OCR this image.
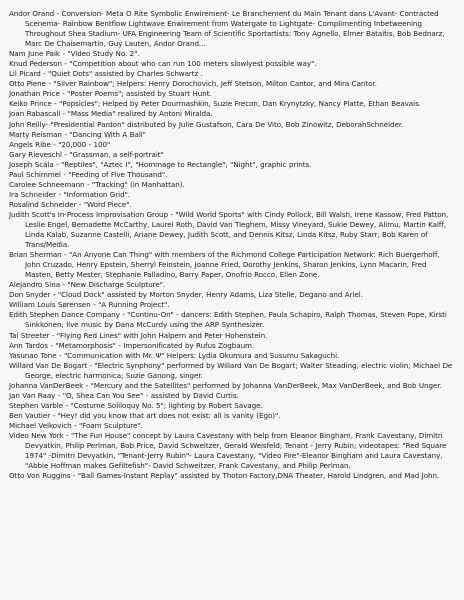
Andor Orand - Conversion- Meta O Rite Symbolic Enwirement- Le Branchement du Main Tenant dans L'Avant- Contracted Scenema- Rainbow Bentflow Lightwave Enwirement from Watergate to Lightgate- Complimenting Inbetweening Throughout Shea Stadium- UFA Engineering Team of Scientific Sportartists: Tony Agnello, Elmer Bataitis, Bob Bednarz, Marc De Chaisemartin, Guy Lauten, Andor Orand...

Nam June Paik - "Video Study No. 2".

Knud Pederson - "Competition about who can run 100 meters slowlyest possible way".

Lil Picard - "Quiet Dots" assisted by Charles Schwartz .

Otto Piene - "Silver Rainbow"; Helpers: Henry Dorochovich, Jeff Stetson, Milton Cantor, and Mira Cantor.

Jonathan Price - "Poster Poems"; assisted by Stuart Hunt.

Keiko Prince - "Popsicles"; Helped by Peter Dourmashkin, Suzie Frecon, Dan Krynytzky, Nancy Platte, Ethan Beavais.

Joan Rabascall - "Mass Media" realized by Antoni Miralda.

John Reilly- "Presidential Pardon" distributed by Julie Gustafson, Cara De Vito, Bob Zinowitz, DeborahSchneider.

Marty Reisman - "Dancing With A Ball"

Angels Ribe - "20,000 - 100"

Gary Rieveschl - "Grassman, a self-portrait"

Joseph Scala - "Reptiles", "Aztec I", "Hommage to Rectangle", "Night", graphic prints.

Paul Schimmel - "Feeding of Five Thousand".

Carolee Schneemann - "Tracking" (in Manhattan).

Ira Schneider - "Information Grid".

Rosalind Schneider - "Word Piece".

Judith Scott's In-Process Improvisation Group - "Wild World Sports" with Cindy Pollock, Bill Walsh, Irene Kassow, Fred Patton, Leslie Engel, Bernadette McCarthy, Laurel Roth, David Van Tieghem, Missy Vineyard, Sukie Dewey, Alimu, Martin Kalff, Linda Kalab, Suzanne Castelli, Ariane Dewey, Judith Scott, and Dennis Kitsz, Linda Kitsz, Ruby Starr, Bob Karen of Trans/Media.

Brian Sherman - "An Anyone Can Thing" with members of the Richmond College Participation Network: Rich Buergerhoff, John Cruzado, Henry Epstein, Sherryl Feinstein, Joanne Fried, Dorothy Jenkins, Sharon Jenkins, Lynn Macarin, Fred Masten, Betty Mester, Stephanie Palladino, Barry Paper, Onofrio Rocco, Ellen Zone.

Alejandro Sina - "New Discharge Sculpture".

Don Snyder - "Cloud Dock" assisted by Morton Snyder, Henry Adams, Liza Stelle, Degano and Ariel.

William Louis Sørensen - "A Running Project".

Edith Stephen Dance Company - "Continu-On" - dancers: Edith Stephen, Paula Schapiro, Ralph Thomas, Steven Pope, Kirsti Sinkkonen; live music by Dana McCurdy using the ARP Synthesizer.

Tal Streeter - "Flying Red Lines" with John Halpern and Peter Hohenstein.

Ann Tardos - "Metamorphosis" - Impersonificated by Rufus Zogbaum.

Yasunao Tone - "Communication with Mr. Ψ" Helpers: Lydia Okumura and Susumu Sakaguchi.

Willard Van De Bogart - "Electric Synphony" performed by Willard Van De Bogart; Walter Steading, electric violin; Michael De George, electric harmonica; Suzie Ganong, singer.

Johanna VanDerBeek - "Mercury and the Satellites" performed by Johanna VanDerBeek, Max VanDerBeek, and Bob Unger.

Jan Van Raay - "O, Shea Can You See" - assisted by David Curtis.

Stephen Varble - "Costume Soliloquy No. 5"; lighting by Robert Savage.

Ben Vautier - "Hey! did you know that art does not exist: all is vanity (Ego)".

Michael Velkovich - "Foam Sculpture".

Video New York - "The Fun House" concept by Laura Cavestany with help from Eleanor Bingham, Frank Cavestany, Dimitri Devyatkin, Philip Perlman, Bob Price, David Schweitzer, Gerald Weisfeld; Tenant - Jerry Rubin; videotapes: "Red Square 1974" -Dimitri Devyatkin, "Tenant-Jerry Rubin"- Laura Cavestany, "Video Fire"-Eleanor Bingham and Laura Cavestany, "Abbie Hoffman makes Gefiltefish"- David Schweitzer, Frank Cavestany, and Philip Perlman.

Otto Von Ruggins - "Ball Games-Instant Replay" assisted by Thoton Factory,DNA Theater, Harold Lindgren, and Mad John.
